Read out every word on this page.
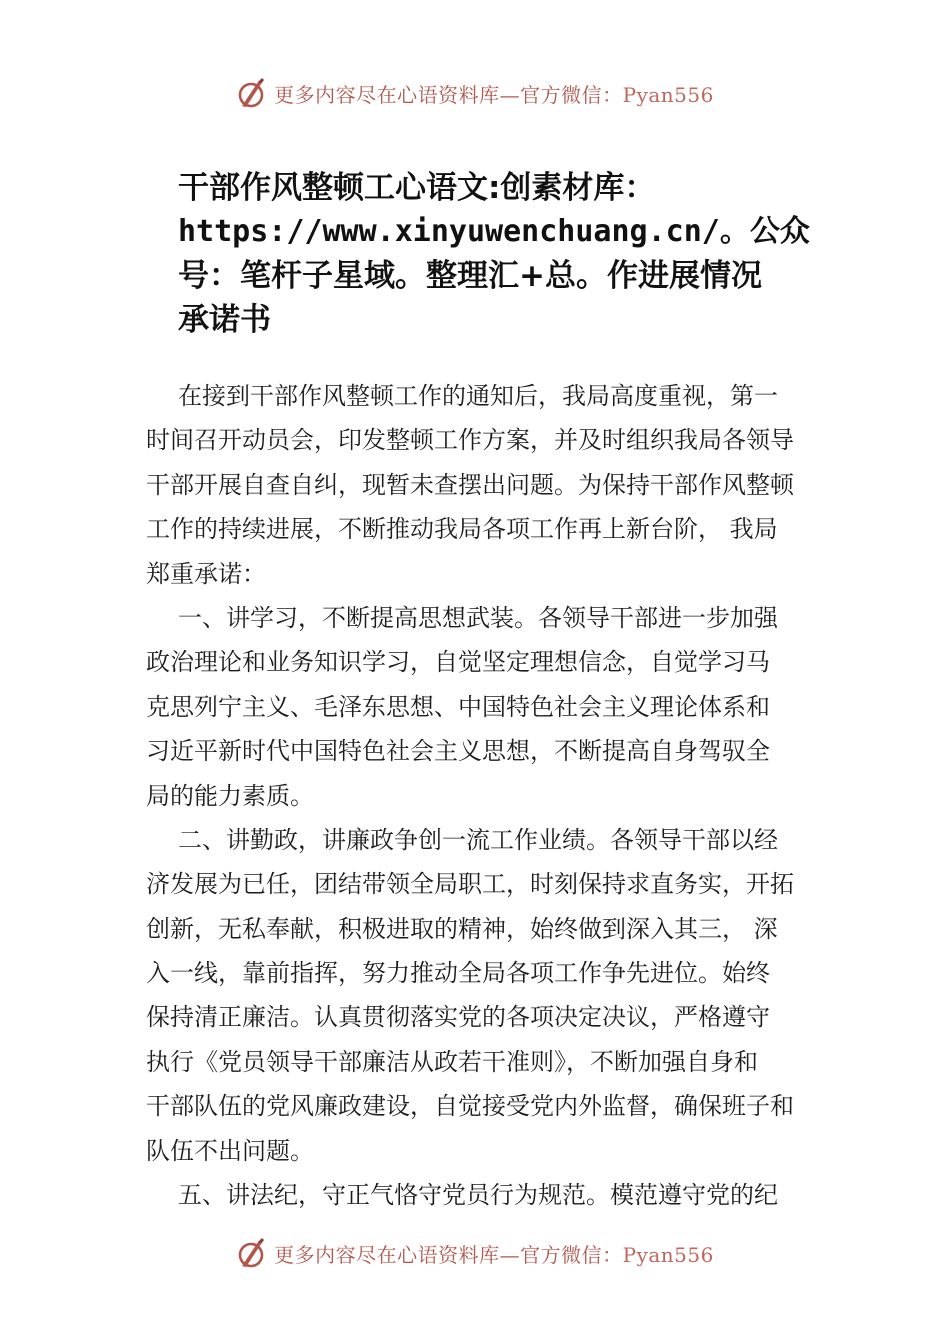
更多内容尽在心语资料库—官方微信：Pyan556
干部作风整顿工心语文:创素材库：
https://www.xinyuwenchuang.cn/。公众
号：笔杆子星域。整理汇+总。作进展情况
承诺书
在接到干部作风整顿工作的通知后，我局高度重视，第一
时间召开动员会，印发整顿工作方案，并及时组织我局各领导
干部开展自查自纠，现暂未查摆出问题。为保持干部作风整顿
工作的持续进展，不断推动我局各项工作再上新台阶， 我局
郑重承诺：
一、讲学习，不断提高思想武装。各领导干部进一步加强
政治理论和业务知识学习，自觉坚定理想信念，自觉学习马
克思列宁主义、毛泽东思想、中国特色社会主义理论体系和
习近平新时代中国特色社会主义思想，不断提高自身驾驭全
局的能力素质。
二、讲勤政，讲廉政争创一流工作业绩。各领导干部以经
济发展为已任，团结带领全局职工，时刻保持求直务实，开拓
创新，无私奉献，积极进取的精神，始终做到深入其三， 深
入一线，靠前指挥，努力推动全局各项工作争先进位。始终
保持清正廉洁。认真贯彻落实党的各项决定决议，严格遵守
执行《党员领导干部廉洁从政若干准则》，不断加强自身和
干部队伍的党风廉政建设，自觉接受党内外监督，确保班子和
队伍不出问题。
五、讲法纪，守正气恪守党员行为规范。模范遵守党的纪
更多内容尽在心语资料库—官方微信：Pyan556
